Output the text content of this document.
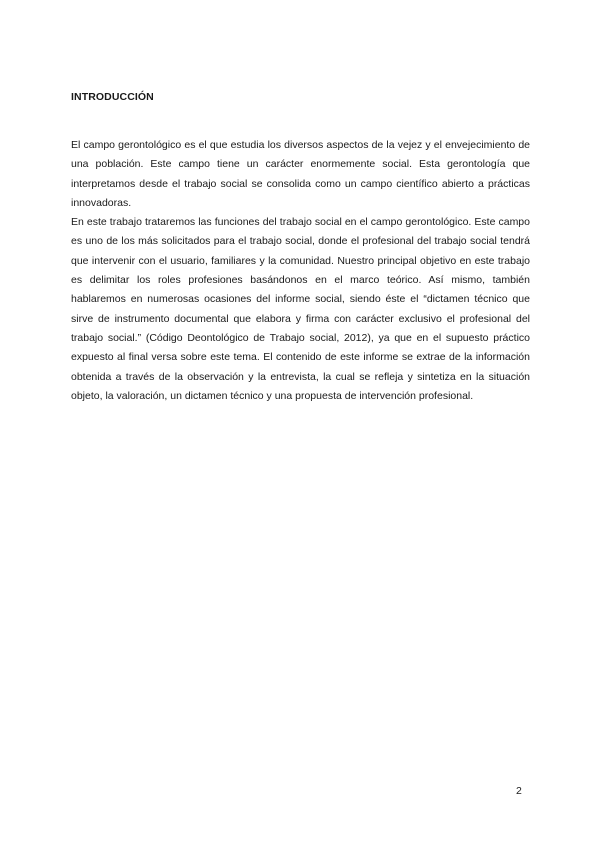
INTRODUCCIÓN

El campo gerontológico es el que estudia los diversos aspectos de la vejez y el envejecimiento de una población. Este campo tiene un carácter enormemente social. Esta gerontología que interpretamos desde el trabajo social se consolida como un campo científico abierto a prácticas innovadoras.

En este trabajo trataremos las funciones del trabajo social en el campo gerontológico. Este campo es uno de los más solicitados para el trabajo social, donde el profesional del trabajo social tendrá que intervenir con el usuario, familiares y la comunidad. Nuestro principal objetivo en este trabajo es delimitar los roles profesiones basándonos en el marco teórico. Así mismo, también hablaremos en numerosas ocasiones del informe social, siendo éste el “dictamen técnico que sirve de instrumento documental que elabora y firma con carácter exclusivo el profesional del trabajo social.” (Código Deontológico de Trabajo social, 2012), ya que en el supuesto práctico expuesto al final versa sobre este tema. El contenido de este informe se extrae de la información obtenida a través de la observación y la entrevista, la cual se refleja y sintetiza en la situación objeto, la valoración, un dictamen técnico y una propuesta de intervención profesional.

2
